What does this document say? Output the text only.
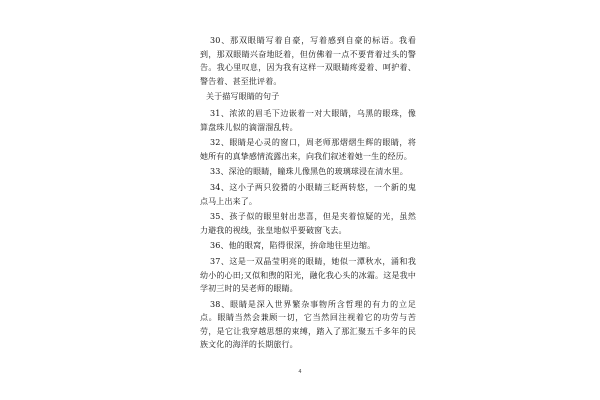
30、那双眼睛写着自豪，写着感到自豪的标语。我看到，那双眼睛兴奋地眨着，但仿佛着一点不要背着过头的警告。我心里叹息，因为我有这样一双眼睛疼爱着、呵护着、警告着、甚至批评着。

关于描写眼睛的句子

31、浓浓的眉毛下边嵌着一对大眼睛，乌黑的眼珠，像算盘珠儿似的滴溜溜乱转。

32、眼睛是心灵的窗口，周老师那熠熠生辉的眼睛，将她所有的真挚感情流露出来，向我们叙述着她一生的经历。

33、深沧的眼睛，瞳珠儿像黑色的玻璃球浸在清水里。

34、这小子两只狡猾的小眼睛三眨两转悠，一个新的鬼点马上出来了。

35、孩子似的眼里射出悲喜，但是夹着惊疑的光，虽然力避我的视线，张皇地似乎要破窗飞去。

36、他的眼窝，陷得很深，拚命地往里边缩。

37、这是一双晶莹明亮的眼睛，她似一潭秋水，涌和我幼小的心田;又似和煦的阳光，融化我心头的冰霜。这是我中学初三时的吴老师的眼睛。

38、眼睛是深入世界繁杂事物所含哲理的有力的立足点。眼睛当然会兼顾一切，它当然回注视着它的功劳与苦劳，是它让我穿越思想的束缚，踏入了那汇聚五千多年的民族文化的海洋的长期旅行。

4
